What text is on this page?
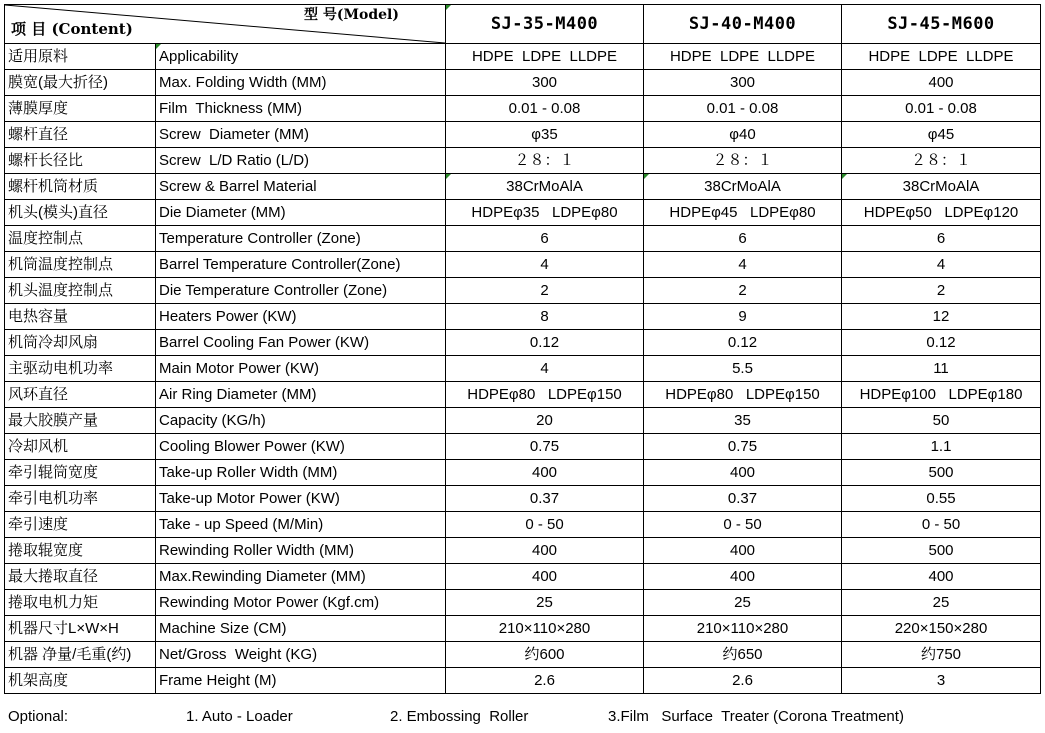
项 目 (Content)
型 号(Model)		SJ-35-M400	SJ-40-M400	SJ-45-M600
适用原料	Applicability	HDPE  LDPE  LLDPE	HDPE  LDPE  LLDPE	HDPE  LDPE  LLDPE
膜宽(最大折径)	Max. Folding Width (MM)	300	300	400
薄膜厚度	Film  Thickness (MM)	0.01 - 0.08	0.01 - 0.08	0.01 - 0.08
螺杆直径	Screw  Diameter (MM)	φ35	φ40	φ45
螺杆长径比	Screw  L/D Ratio (L/D)	２８：１	２８：１	２８：１
螺杆机筒材质	Screw & Barrel Material	38CrMoAlA	38CrMoAlA	38CrMoAlA
机头(模头)直径	Die Diameter (MM)	HDPEφ35   LDPEφ80	HDPEφ45   LDPEφ80	HDPEφ50   LDPEφ120
温度控制点	Temperature Controller (Zone)	6	6	6
机筒温度控制点	Barrel Temperature Controller(Zone)	4	4	4
机头温度控制点	Die Temperature Controller (Zone)	2	2	2
电热容量	Heaters Power (KW)	8	9	12
机筒冷却风扇	Barrel Cooling Fan Power (KW)	0.12	0.12	0.12
主驱动电机功率	Main Motor Power (KW)	4	5.5	11
风环直径	Air Ring Diameter (MM)	HDPEφ80   LDPEφ150	HDPEφ80   LDPEφ150	HDPEφ100   LDPEφ180
最大胶膜产量	Capacity (KG/h)	20	35	50
冷却风机	Cooling Blower Power (KW)	0.75	0.75	1.1
牵引辊筒宽度	Take-up Roller Width (MM)	400	400	500
牵引电机功率	Take-up Motor Power (KW)	0.37	0.37	0.55
牵引速度	Take - up Speed (M/Min)	0 - 50	0 - 50	0 - 50
捲取辊宽度	Rewinding Roller Width (MM)	400	400	500
最大捲取直径	Max.Rewinding Diameter (MM)	400	400	400
捲取电机力矩	Rewinding Motor Power (Kgf.cm)	25	25	25
机器尺寸L×W×H	Machine Size (CM)	210×110×280	210×110×280	220×150×280
机器 净量/毛重(约)	Net/Gross  Weight (KG)	约600	约650	约750
机架高度	Frame Height (M)	2.6	2.6	3
Optional:	1. Auto - Loader	2. Embossing  Roller	3.Film   Surface  Treater (Corona Treatment)
